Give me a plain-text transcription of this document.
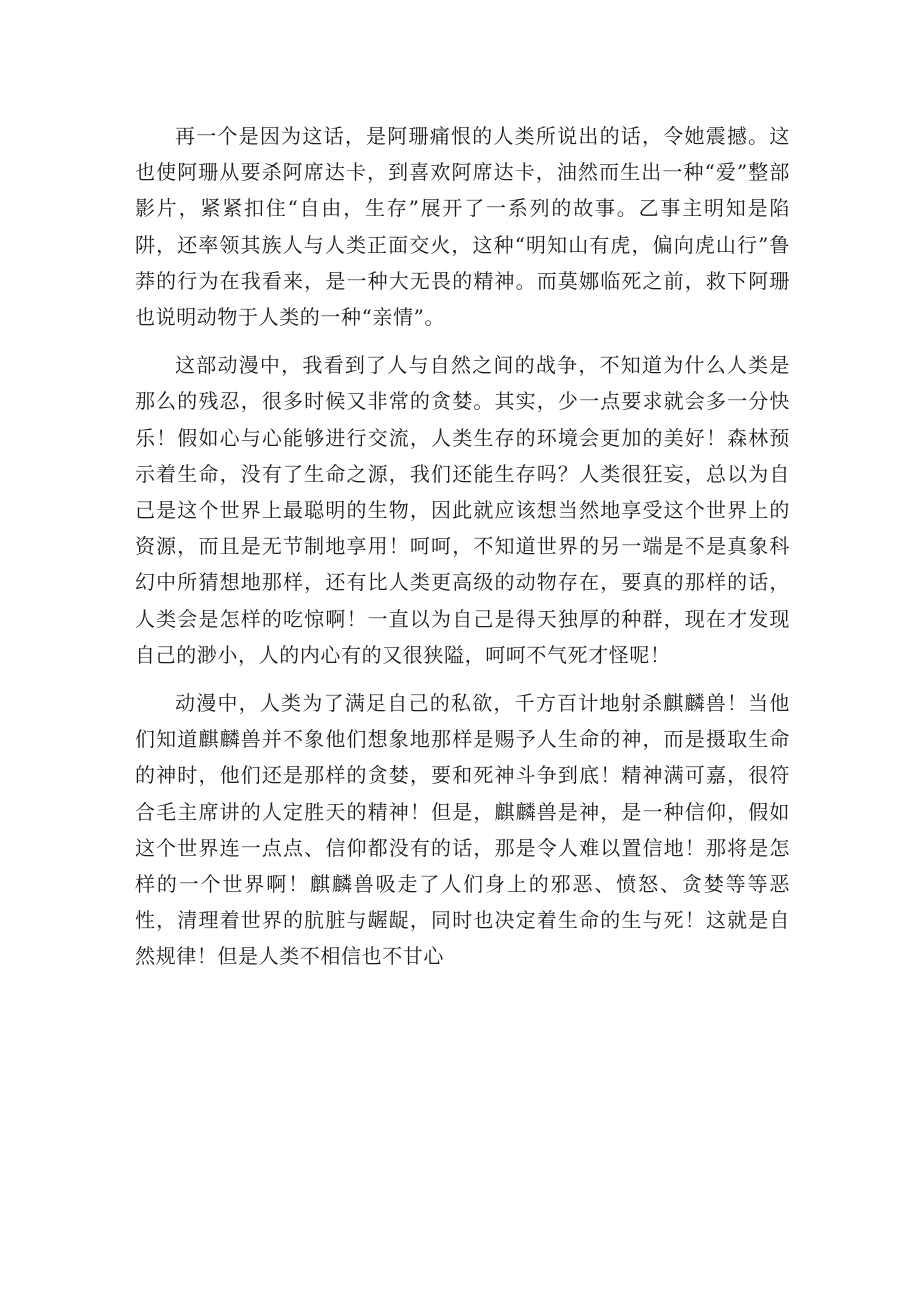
再一个是因为这话，是阿珊痛恨的人类所说出的话，令她震撼。这也使阿珊从要杀阿席达卡，到喜欢阿席达卡，油然而生出一种“爱”整部影片，紧紧扣住“自由，生存”展开了一系列的故事。乙事主明知是陷阱，还率领其族人与人类正面交火，这种“明知山有虎，偏向虎山行”鲁莽的行为在我看来，是一种大无畏的精神。而莫娜临死之前，救下阿珊也说明动物于人类的一种“亲情”。

这部动漫中，我看到了人与自然之间的战争，不知道为什么人类是那么的残忍，很多时候又非常的贪婪。其实，少一点要求就会多一分快乐！假如心与心能够进行交流，人类生存的环境会更加的美好！森林预示着生命，没有了生命之源，我们还能生存吗？人类很狂妄，总以为自己是这个世界上最聪明的生物，因此就应该想当然地享受这个世界上的资源，而且是无节制地享用！呵呵，不知道世界的另一端是不是真象科幻中所猜想地那样，还有比人类更高级的动物存在，要真的那样的话，人类会是怎样的吃惊啊！一直以为自己是得天独厚的种群，现在才发现自己的渺小，人的内心有的又很狭隘，呵呵不气死才怪呢！

动漫中，人类为了满足自己的私欲，千方百计地射杀麒麟兽！当他们知道麒麟兽并不象他们想象地那样是赐予人生命的神，而是摄取生命的神时，他们还是那样的贪婪，要和死神斗争到底！精神满可嘉，很符合毛主席讲的人定胜天的精神！但是，麒麟兽是神，是一种信仰，假如这个世界连一点点、信仰都没有的话，那是令人难以置信地！那将是怎样的一个世界啊！麒麟兽吸走了人们身上的邪恶、愤怒、贪婪等等恶性，清理着世界的肮脏与龌龊，同时也决定着生命的生与死！这就是自然规律！但是人类不相信也不甘心
